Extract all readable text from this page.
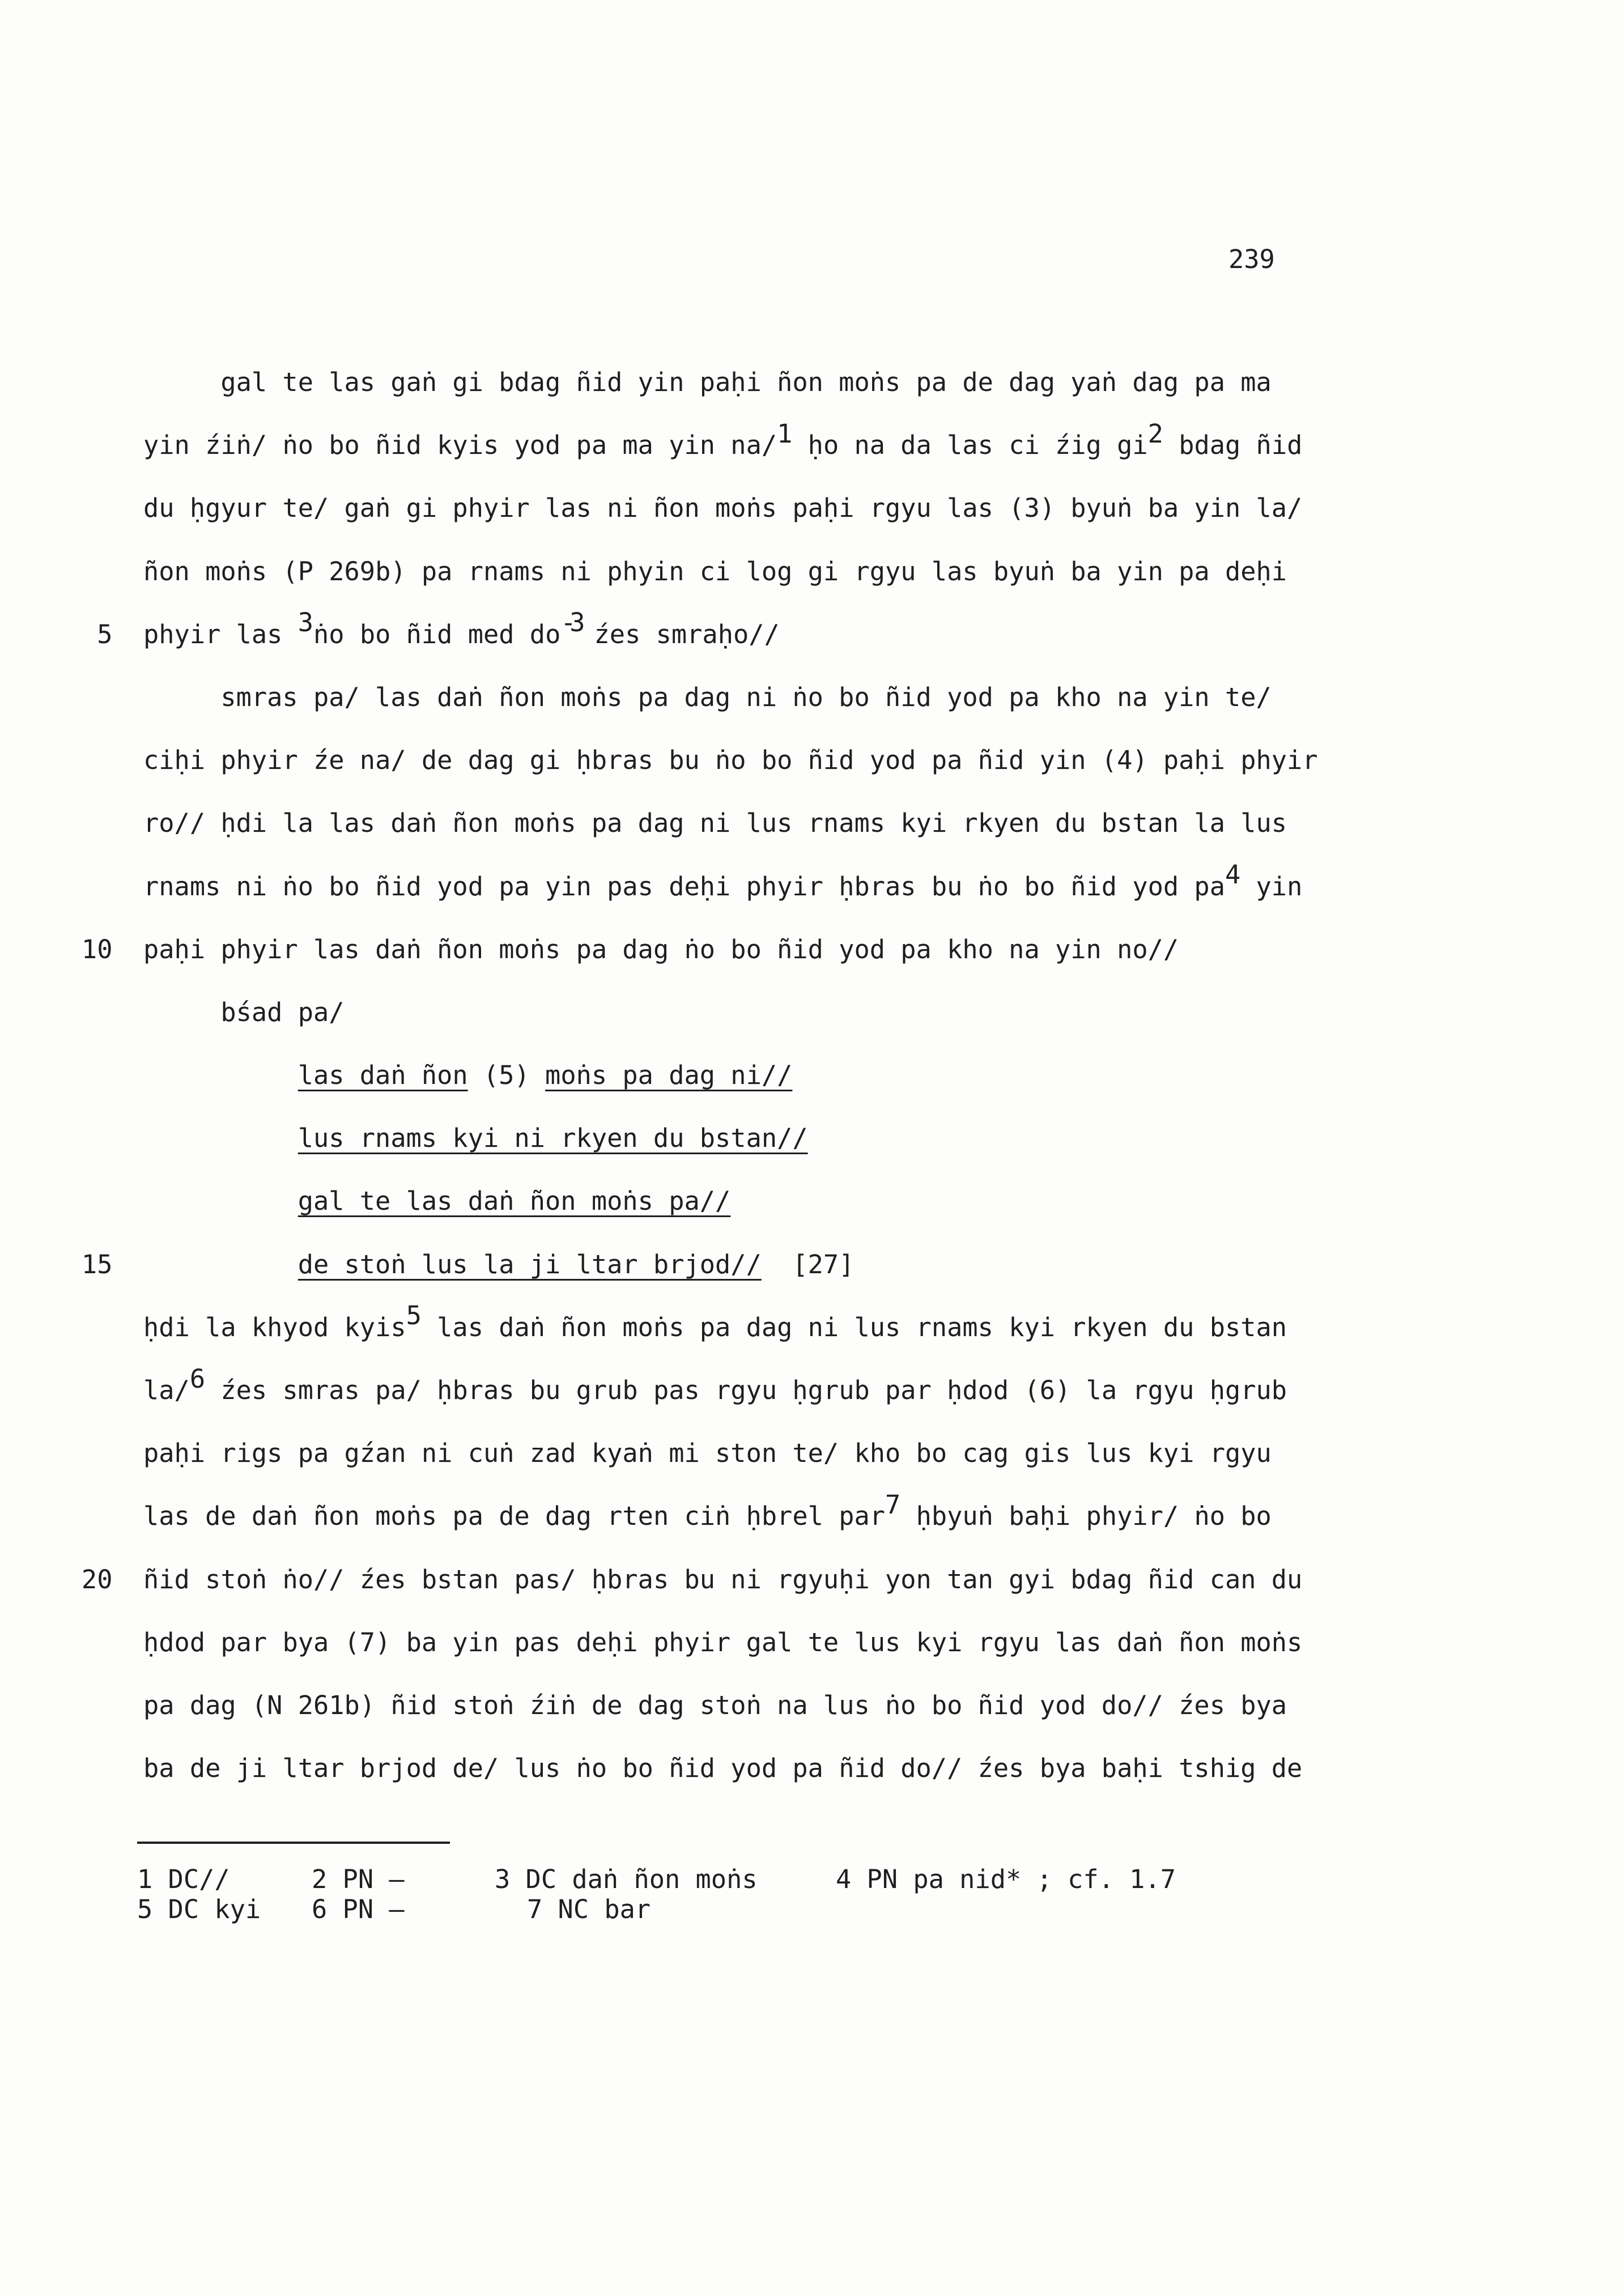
239
gal te las gaṅ gi bdag ñid yin paḥi ñon moṅs pa de dag yaṅ dag pa ma
yin źiṅ/ ṅo bo ñid kyis yod pa ma yin na/1 ḥo na da las ci źig gi2 bdag ñid
du ḥgyur te/ gaṅ gi phyir las ni ñon moṅs paḥi rgyu las (3) byuṅ ba yin la/
ñon moṅs (P 269b) pa rnams ni phyin ci log gi rgyu las byuṅ ba yin pa deḥi
5 phyir las 3ṅo bo ñid med do-3 źes smraḥo//
smras pa/ las daṅ ñon moṅs pa dag ni ṅo bo ñid yod pa kho na yin te/
ciḥi phyir źe na/ de dag gi ḥbras bu ṅo bo ñid yod pa ñid yin (4) paḥi phyir
ro// ḥdi la las daṅ ñon moṅs pa dag ni lus rnams kyi rkyen du bstan la lus
rnams ni ṅo bo ñid yod pa yin pas deḥi phyir ḥbras bu ṅo bo ñid yod pa4 yin
10 paḥi phyir las daṅ ñon moṅs pa dag ṅo bo ñid yod pa kho na yin no//
bśad pa/
las daṅ ñon (5) moṅs pa dag ni//
lus rnams kyi ni rkyen du bstan//
gal te las daṅ ñon moṅs pa//
15	de stoṅ lus la ji ltar brjod//  [27]
ḥdi la khyod kyis5 las daṅ ñon moṅs pa dag ni lus rnams kyi rkyen du bstan
la/6 źes smras pa/ ḥbras bu grub pas rgyu ḥgrub par ḥdod (6) la rgyu ḥgrub
paḥi rigs pa gźan ni cuṅ zad kyaṅ mi ston te/ kho bo cag gis lus kyi rgyu
las de daṅ ñon moṅs pa de dag rten ciṅ ḥbrel par7 ḥbyuṅ baḥi phyir/ ṅo bo
20 ñid stoṅ ṅo// źes bstan pas/ ḥbras bu ni rgyuḥi yon tan gyi bdag ñid can du
ḥdod par bya (7) ba yin pas deḥi phyir gal te lus kyi rgyu las daṅ ñon moṅs
pa dag (N 261b) ñid stoṅ źiṅ de dag stoṅ na lus ṅo bo ñid yod do// źes bya
ba de ji ltar brjod de/ lus ṅo bo ñid yod pa ñid do// źes bya baḥi tshig de
1 DC//	2 PN —	3 DC daṅ ñon moṅs	4 PN pa nid* ; cf. 1.7
5 DC kyi 6 PN —	7 NC bar
